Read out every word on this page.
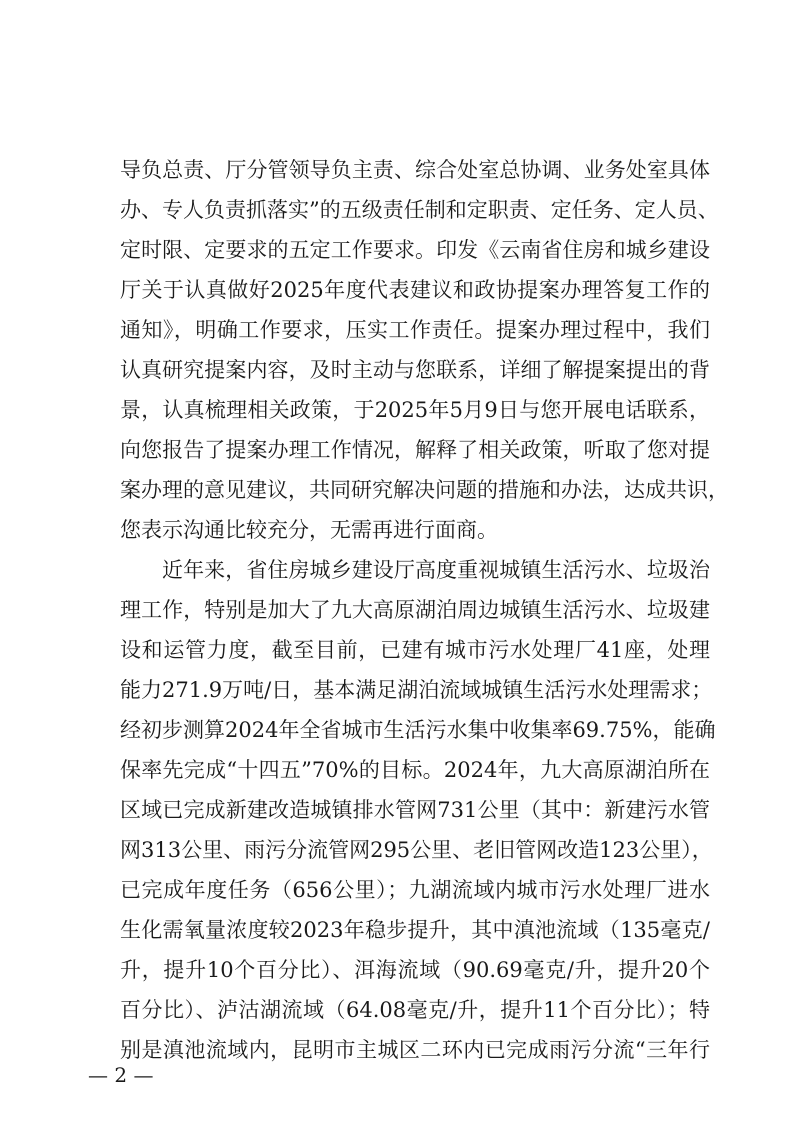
导负总责、厅分管领导负主责、综合处室总协调、业务处室具体
办、专人负责抓落实”的五级责任制和定职责、定任务、定人员、
定时限、定要求的五定工作要求。印发《云南省住房和城乡建设
厅关于认真做好2025年度代表建议和政协提案办理答复工作的
通知》，明确工作要求，压实工作责任。提案办理过程中，我们
认真研究提案内容，及时主动与您联系，详细了解提案提出的背
景，认真梳理相关政策，于2025年5月9日与您开展电话联系，
向您报告了提案办理工作情况，解释了相关政策，听取了您对提
案办理的意见建议，共同研究解决问题的措施和办法，达成共识，
您表示沟通比较充分，无需再进行面商。
近年来，省住房城乡建设厅高度重视城镇生活污水、垃圾治
理工作，特别是加大了九大高原湖泊周边城镇生活污水、垃圾建
设和运管力度，截至目前，已建有城市污水处理厂41座，处理
能力271.9万吨/日，基本满足湖泊流域城镇生活污水处理需求；
经初步测算2024年全省城市生活污水集中收集率69.75%，能确
保率先完成“十四五”70%的目标。2024年，九大高原湖泊所在
区域已完成新建改造城镇排水管网731公里（其中：新建污水管
网313公里、雨污分流管网295公里、老旧管网改造123公里），
已完成年度任务（656公里）；九湖流域内城市污水处理厂进水
生化需氧量浓度较2023年稳步提升，其中滇池流域（135毫克/
升，提升10个百分比）、洱海流域（90.69毫克/升，提升20个
百分比）、泸沽湖流域（64.08毫克/升，提升11个百分比）；特
别是滇池流域内，昆明市主城区二环内已完成雨污分流“三年行
— 2 —
